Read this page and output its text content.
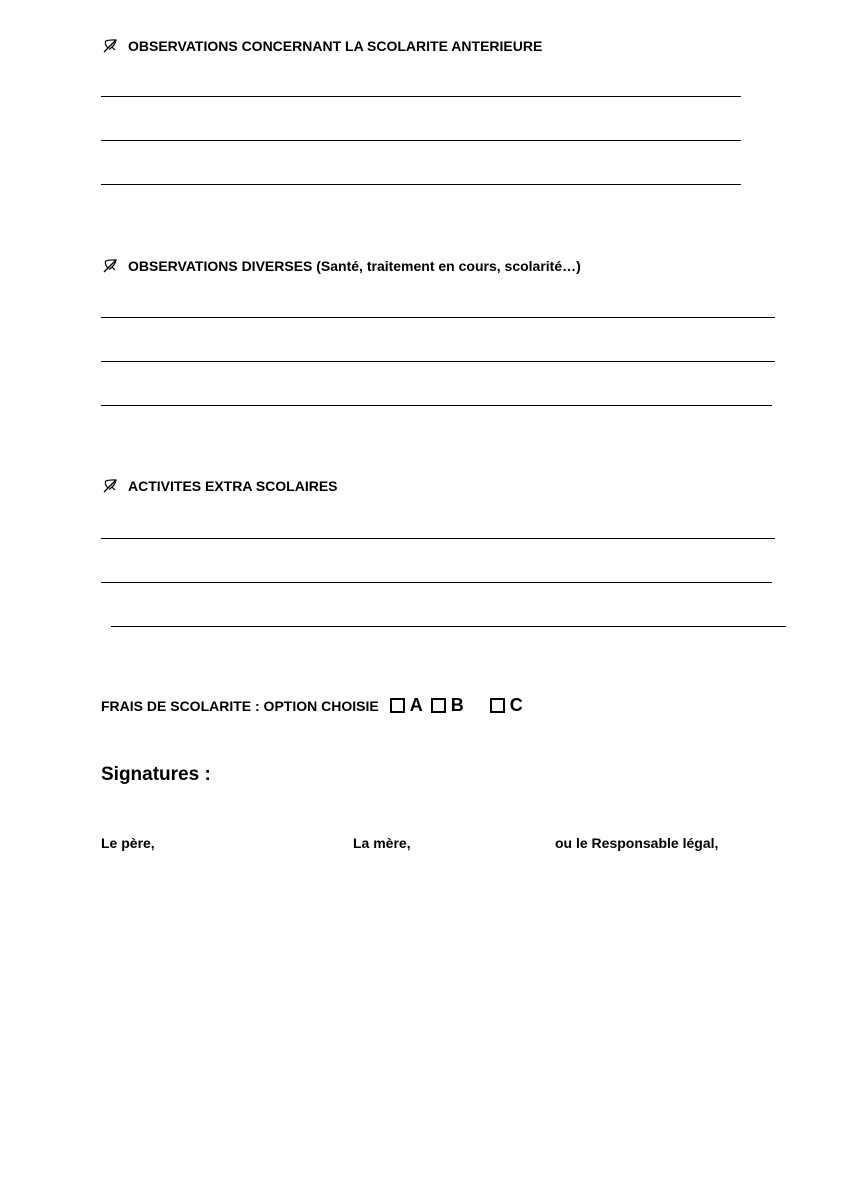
OBSERVATIONS CONCERNANT LA SCOLARITE ANTERIEURE
OBSERVATIONS DIVERSES (Santé, traitement en cours, scolarité…)
ACTIVITES EXTRA SCOLAIRES
FRAIS DE SCOLARITE : OPTION CHOISIE A B	C
Signatures :
Le père,	La mère,	ou le Responsable légal,
